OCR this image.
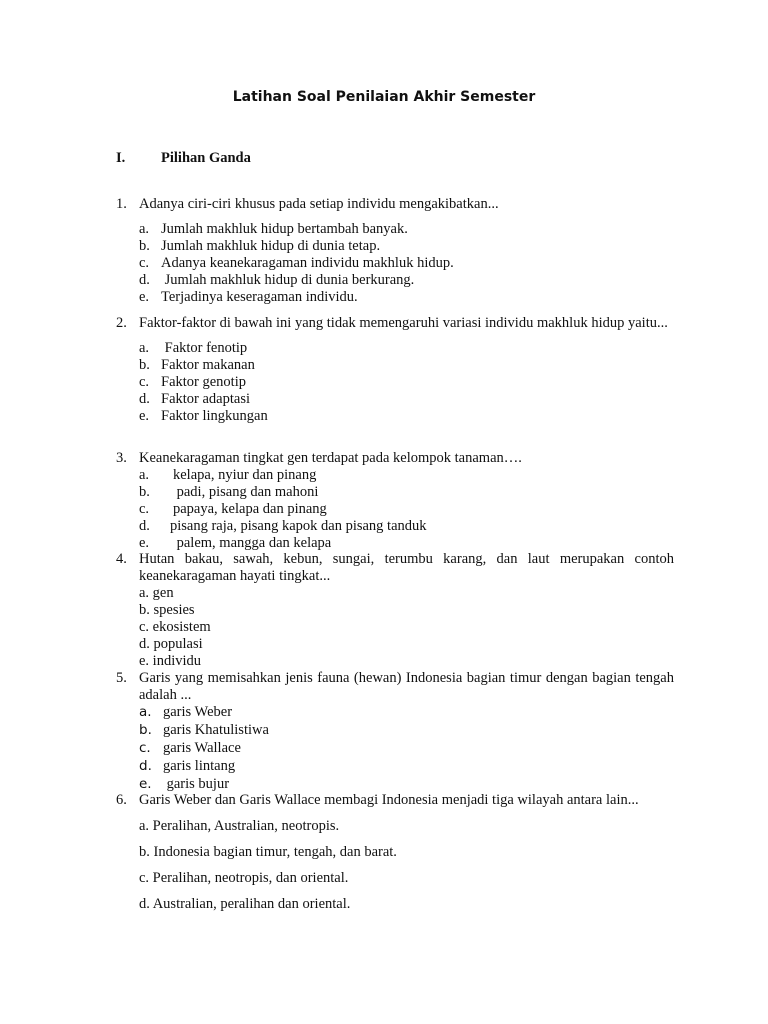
Latihan Soal Penilaian Akhir Semester
I. Pilihan Ganda
1. Adanya ciri-ciri khusus pada setiap individu mengakibatkan...
a. Jumlah makhluk hidup bertambah banyak.
b. Jumlah makhluk hidup di dunia tetap.
c. Adanya keanekaragaman individu makhluk hidup.
d. Jumlah makhluk hidup di dunia berkurang.
e. Terjadinya keseragaman individu.
2. Faktor-faktor di bawah ini yang tidak memengaruhi variasi individu makhluk hidup yaitu...
a. Faktor fenotip
b. Faktor makanan
c. Faktor genotip
d. Faktor adaptasi
e. Faktor lingkungan
3. Keanekaragaman tingkat gen terdapat pada kelompok tanaman….
a.	kelapa, nyiur dan pinang
b.	padi, pisang dan mahoni
c.	papaya, kelapa dan pinang
d.	pisang raja, pisang kapok dan pisang tanduk
e.	palem, mangga dan kelapa
4. Hutan bakau, sawah, kebun, sungai, terumbu karang, dan laut merupakan contoh keanekaragaman hayati tingkat...
a. gen
b. spesies
c. ekosistem
d. populasi
e. individu
5. Garis yang memisahkan jenis fauna (hewan) Indonesia bagian timur dengan bagian tengah adalah ...
a. garis Weber
b. garis Khatulistiwa
c. garis Wallace
d. garis lintang
e. garis bujur
6. Garis Weber dan Garis Wallace membagi Indonesia menjadi tiga wilayah antara lain...
a. Peralihan, Australian, neotropis.
b. Indonesia bagian timur, tengah, dan barat.
c. Peralihan, neotropis, dan oriental.
d. Australian, peralihan dan oriental.
